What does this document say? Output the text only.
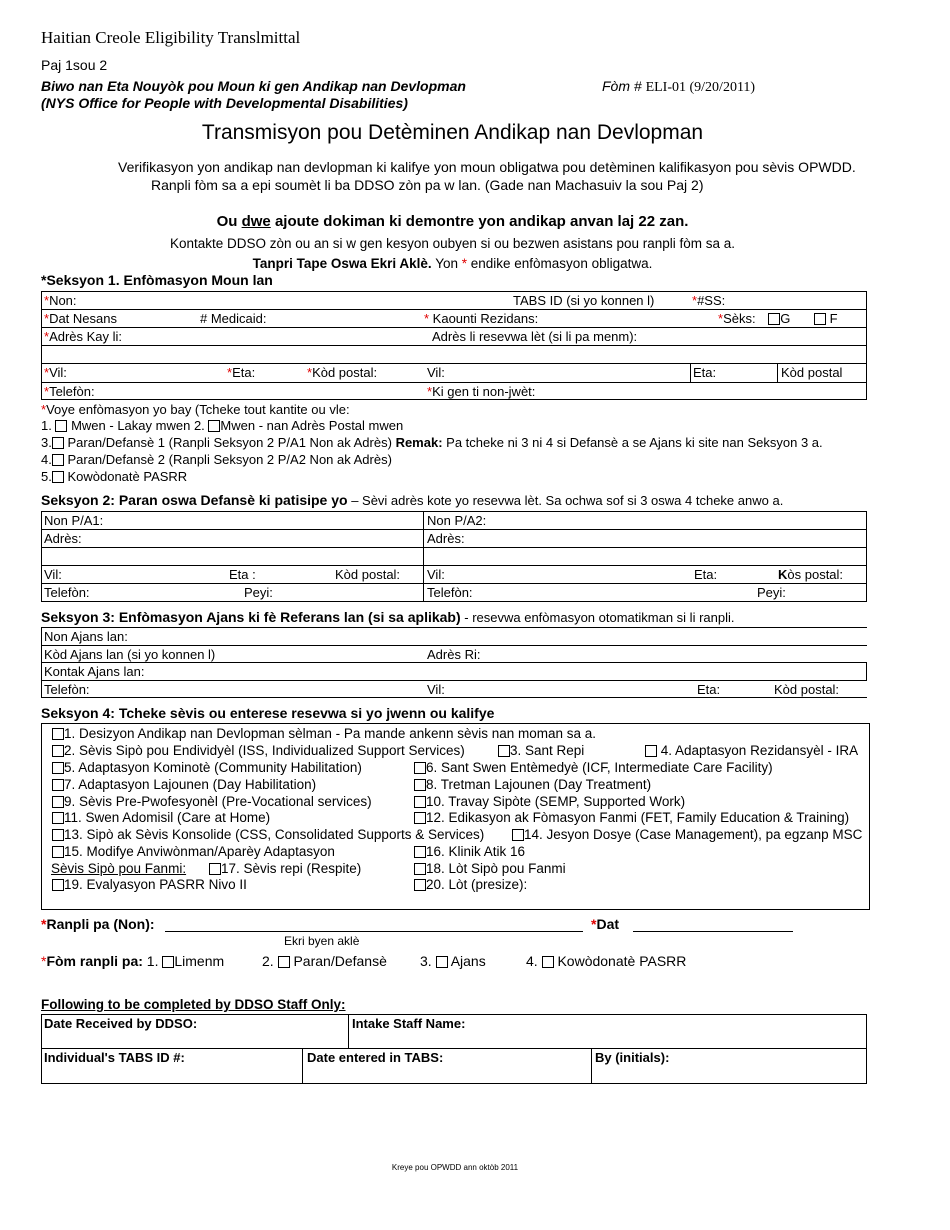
Haitian Creole Eligibility Translmittal
Paj 1sou 2
Biwo nan Eta Nouyòk pou Moun ki gen Andikap nan Devlopman
(NYS Office for People with Developmental Disabilities)
Fòm # ELI-01 (9/20/2011)
Transmisyon pou Detèminen Andikap nan Devlopman
Verifikasyon yon andikap nan devlopman ki kalifye yon moun obligatwa pou detèminen kalifikasyon pou sèvis OPWDD.
Ranpli fòm sa a epi soumèt li ba DDSO zòn pa w lan. (Gade nan Machasuiv la sou Paj 2)
Ou dwe ajoute dokiman ki demontre yon andikap anvan laj 22 zan.
Kontakte DDSO zòn ou an si w gen kesyon oubyen si ou bezwen asistans pou ranpli fòm sa a.
Tanpri Tape Oswa Ekri Aklè. Yon * endike enfòmasyon obligatwa.
*Seksyon 1. Enfòmasyon Moun lan
*Non:	TABS ID (si yo konnen l)	*#SS:
*Dat Nesans	# Medicaid:	* Kaounti Rezidans:	*Sèks: G	F
*Adrès Kay li:	Adrès li resevwa lèt (si li pa menm):
*Vil:	*Eta:	*Kòd postal:	Vil:	Eta:	Kòd postal
*Telefòn:	*Ki gen ti non-jwèt:
*Voye enfòmasyon yo bay (Tcheke tout kantite ou vle:
1. Mwen - Lakay mwen 2. Mwen - nan Adrès Postal mwen
3. Paran/Defansè 1 (Ranpli Seksyon 2 P/A1 Non ak Adrès) Remak: Pa tcheke ni 3 ni 4 si Defansè a se Ajans ki site nan Seksyon 3 a.
4. Paran/Defansè 2 (Ranpli Seksyon 2 P/A2 Non ak Adrès)
5. Kowòdonatè PASRR
Seksyon 2: Paran oswa Defansè ki patisipe yo – Sèvi adrès kote yo resevwa lèt. Sa ochwa sof si 3 oswa 4 tcheke anwo a.
Non P/A1:	Non P/A2:
Adrès:	Adrès:
Vil:	Eta :	Kòd postal: Vil:	Eta:	Kòs postal:
Telefòn:	Peyi:	Telefòn:	Peyi:
Seksyon 3: Enfòmasyon Ajans ki fè Referans lan (si sa aplikab) - resevwa enfòmasyon otomatikman si li ranpli.
Non Ajans lan:
Kòd Ajans lan (si yo konnen l)	Adrès Ri:
Kontak Ajans lan:
Telefòn:	Vil:	Eta:	Kòd postal:
Seksyon 4: Tcheke sèvis ou enterese resevwa si yo jwenn ou kalifye
1. Desizyon Andikap nan Devlopman sèlman - Pa mande ankenn sèvis nan moman sa a.
2. Sèvis Sipò pou Endividyèl (ISS, Individualized Support Services)	3. Sant Repi	4. Adaptasyon Rezidansyèl - IRA
5. Adaptasyon Kominotè (Community Habilitation)	6. Sant Swen Entèmedyè (ICF, Intermediate Care Facility)
7. Adaptasyon Lajounen (Day Habilitation)	8. Tretman Lajounen (Day Treatment)
9. Sèvis Pre-Pwofesyonèl (Pre-Vocational services)	10. Travay Sipòte (SEMP, Supported Work)
11. Swen Adomisil (Care at Home)	12. Edikasyon ak Fòmasyon Fanmi (FET, Family Education & Training)
13. Sipò ak Sèvis Konsolide (CSS, Consolidated Supports & Services)	14. Jesyon Dosye (Case Management), pa egzanp MSC
15. Modifye Anviwònman/Aparèy Adaptasyon	16. Klinik Atik 16
Sèvis Sipò pou Fanmi:	17. Sèvis repi (Respite)	18. Lòt Sipò pou Fanmi
19. Evalyasyon PASRR Nivo II	20. Lòt (presize):
*Ranpli pa (Non):	*Dat
Ekri byen aklè
*Fòm ranpli pa: 1. Limenm	2.  Paran/Defansè 3.  Ajans	4.  Kowòdonatè PASRR
Following to be completed by DDSO Staff Only:
Date Received by DDSO:	Intake Staff Name:
Individual's TABS ID #:	Date entered in TABS:	By (initials):
Kreye pou OPWDD ann oktòb 2011
